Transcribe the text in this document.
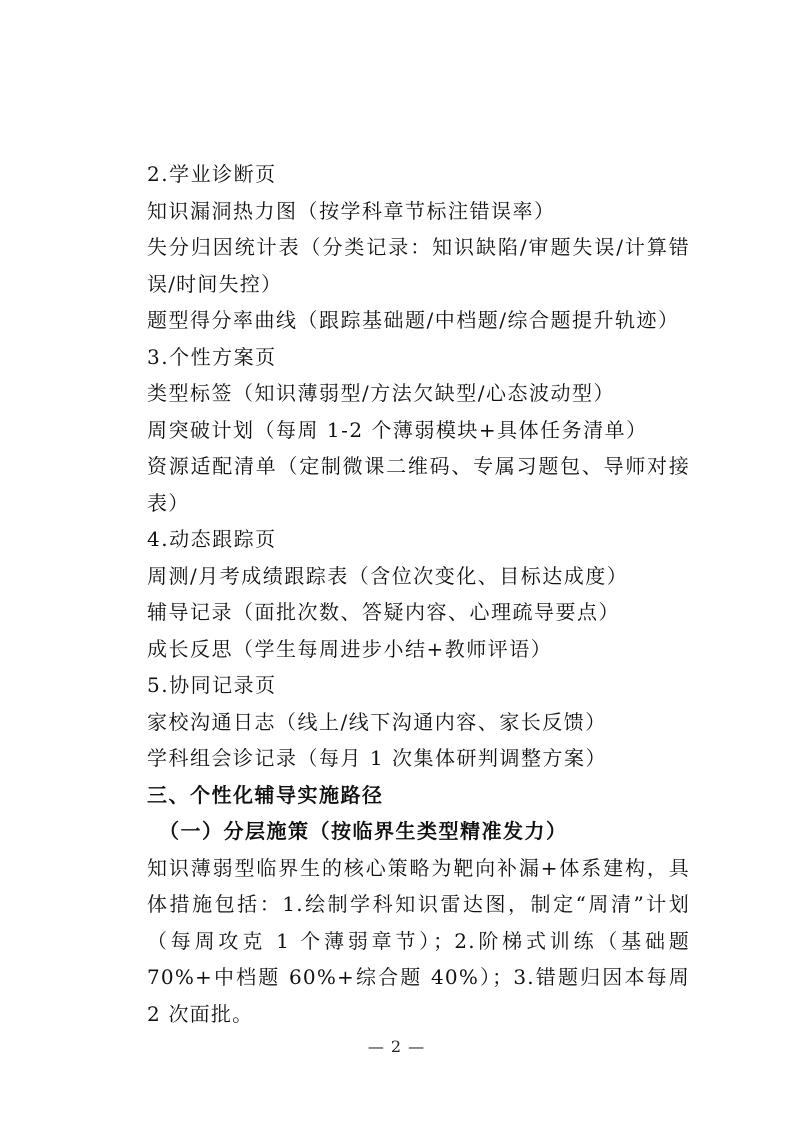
2.学业诊断页
知识漏洞热力图（按学科章节标注错误率）
失分归因统计表（分类记录：知识缺陷/审题失误/计算错误/时间失控）
题型得分率曲线（跟踪基础题/中档题/综合题提升轨迹）
3.个性方案页
类型标签（知识薄弱型/方法欠缺型/心态波动型）
周突破计划（每周 1-2 个薄弱模块+具体任务清单）
资源适配清单（定制微课二维码、专属习题包、导师对接表）
4.动态跟踪页
周测/月考成绩跟踪表（含位次变化、目标达成度）
辅导记录（面批次数、答疑内容、心理疏导要点）
成长反思（学生每周进步小结+教师评语）
5.协同记录页
家校沟通日志（线上/线下沟通内容、家长反馈）
学科组会诊记录（每月 1 次集体研判调整方案）
三、个性化辅导实施路径
（一）分层施策（按临界生类型精准发力）
知识薄弱型临界生的核心策略为靶向补漏+体系建构，具体措施包括：1.绘制学科知识雷达图，制定“周清”计划（每周攻克 1 个薄弱章节）；2.阶梯式训练（基础题 70%+中档题 60%+综合题 40%）；3.错题归因本每周 2 次面批。
— 2 —
